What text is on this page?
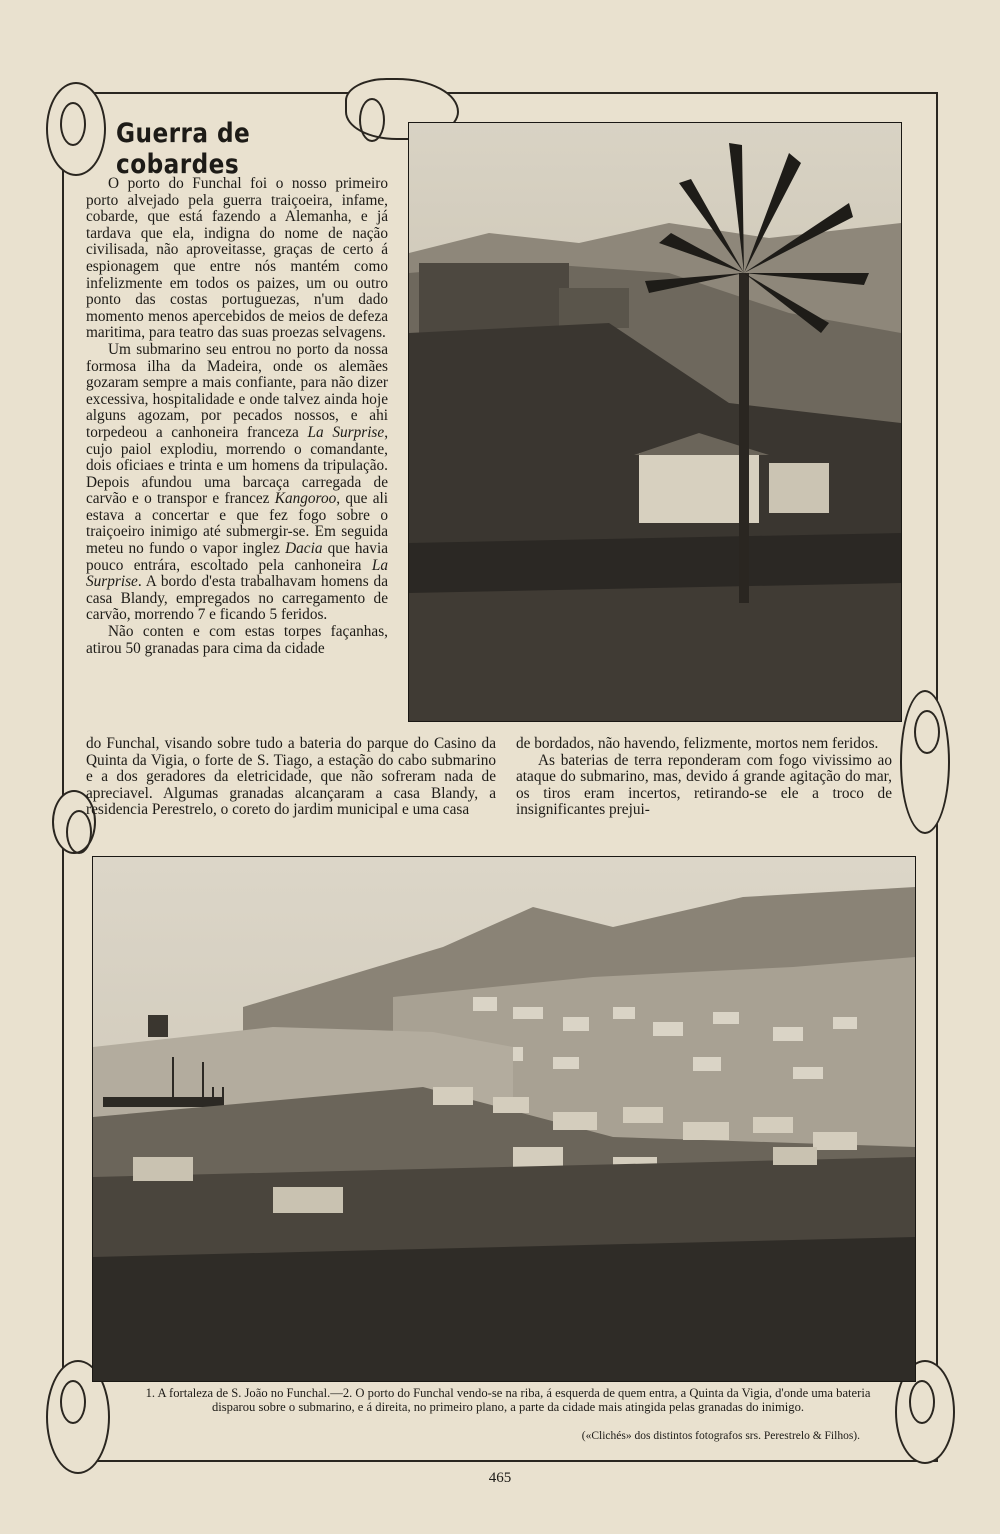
Guerra de cobardes

O porto do Funchal foi o nosso primeiro porto alvejado pela guerra traiçoeira, infame, cobarde, que está fazendo a Alemanha, e já tardava que ela, indigna do nome de nação civilisada, não aproveitasse, graças de certo á espionagem que entre nós mantém como infelizmente em todos os paizes, um ou outro ponto das costas portuguezas, n'um dado momento menos apercebidos de meios de defeza maritima, para teatro das suas proezas selvagens.

Um submarino seu entrou no porto da nossa formosa ilha da Madeira, onde os alemães gozaram sempre a mais confiante, para não dizer excessiva, hospitalidade e onde talvez ainda hoje alguns agozam, por pecados nossos, e ahi torpedeou a canhoneira franceza La Surprise, cujo paiol explodiu, morrendo o comandante, dois oficiaes e trinta e um homens da tripulação. Depois afundou uma barcaça carregada de carvão e o transpor e francez Kangoroo, que ali estava a concertar e que fez fogo sobre o traiçoeiro inimigo até submergir-se. Em seguida meteu no fundo o vapor inglez Dacia que havia pouco entrára, escoltado pela canhoneira La Surprise. A bordo d'esta trabalhavam homens da casa Blandy, empregados no carregamento de carvão, morrendo 7 e ficando 5 feridos.

Não conten e com estas torpes façanhas, atirou 50 granadas para cima da cidade

do Funchal, visando sobre tudo a bateria do parque do Casino da Quinta da Vigia, o forte de S. Tiago, a estação do cabo submarino e a dos geradores da eletricidade, que não sofreram nada de apreciavel. Algumas granadas alcançaram a casa Blandy, a residencia Perestrelo, o coreto do jardim municipal e uma casa

de bordados, não havendo, felizmente, mortos nem feridos.

As baterias de terra reponderam com fogo vivissimo ao ataque do submarino, mas, devido á grande agitação do mar, os tiros eram incertos, retirando-se ele a troco de insignificantes prejui-

1. A fortaleza de S. João no Funchal.—2. O porto do Funchal vendo-se na riba, á esquerda de quem entra, a Quinta da Vigia, d'onde uma bateria disparou sobre o submarino, e á direita, no primeiro plano, a parte da cidade mais atingida pelas granadas do inimigo.

(«Clichés» dos distintos fotografos srs. Perestrelo & Filhos).

465
